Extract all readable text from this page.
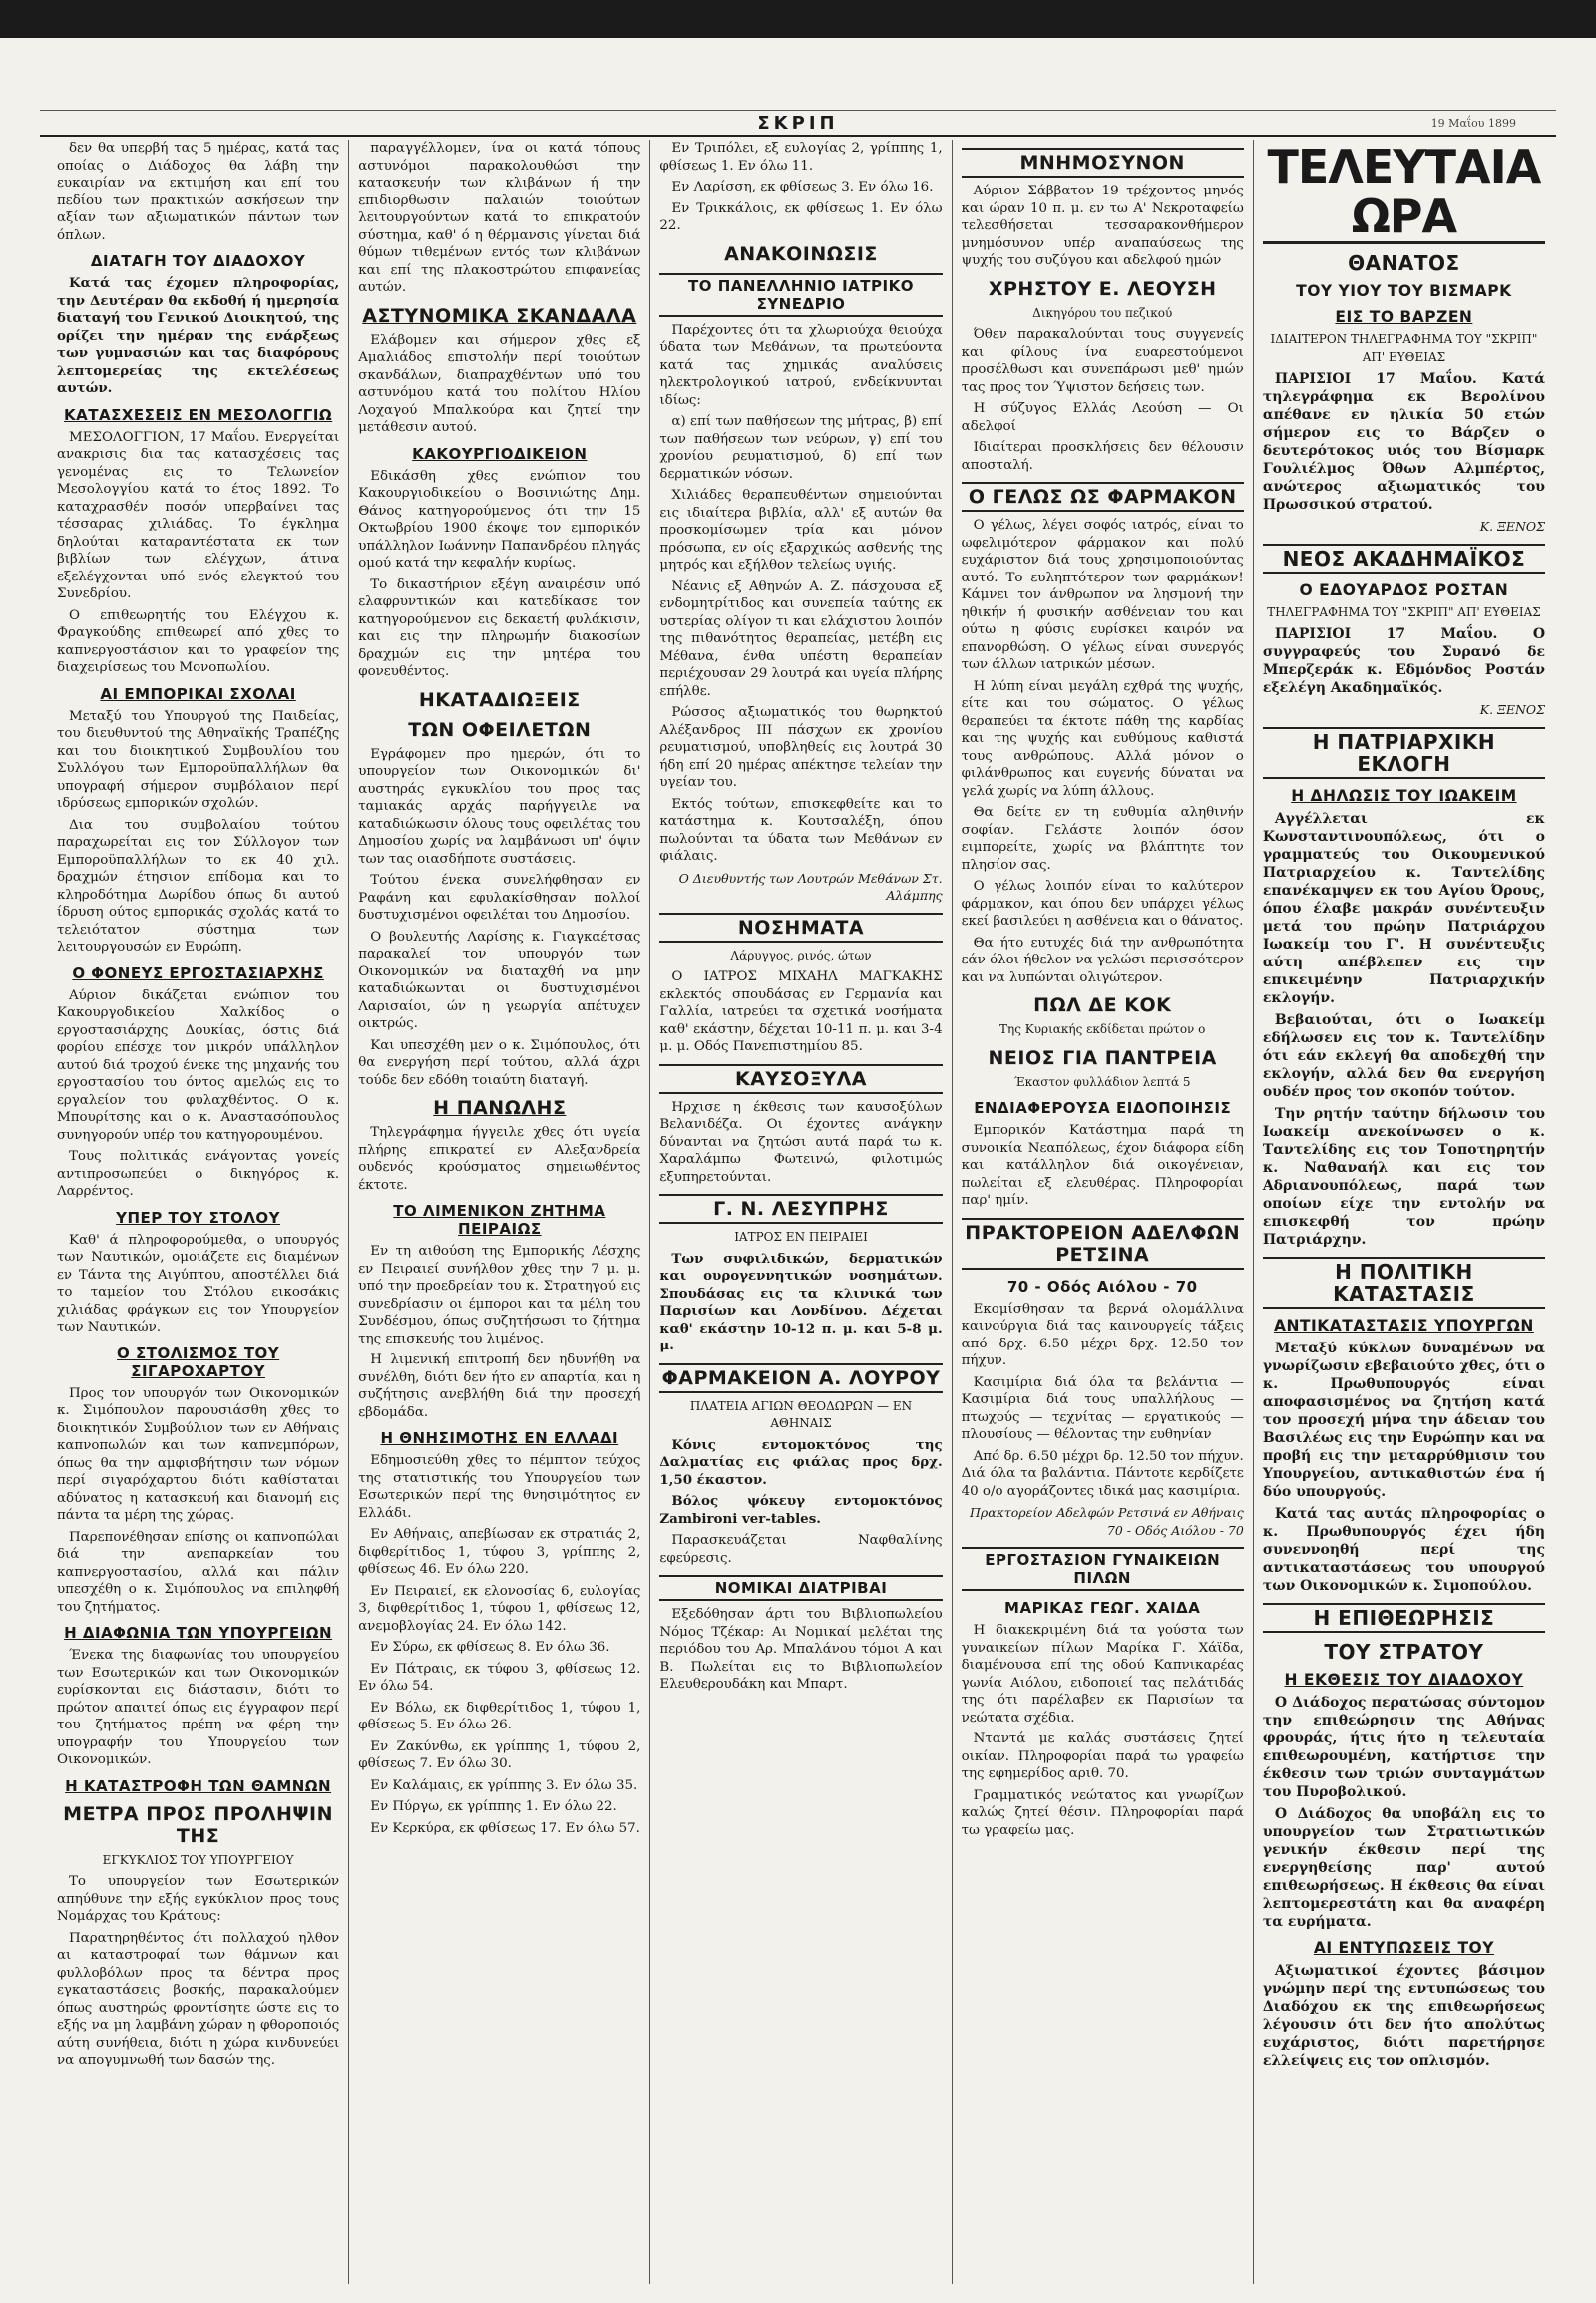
ΣΚΡΙΠ	19 Μαΐου 1899

δεν θα υπερβή τας 5 ημέρας, κατά τας οποίας ο Διάδοχος θα λάβη την ευκαιρίαν να εκτιμήση και επί του πεδίου των πρακτικών ασκήσεων την αξίαν των αξιωματικών πάντων των όπλων.

ΔΙΑΤΑΓΗ ΤΟΥ ΔΙΑΔΟΧΟΥ

Κατά τας έχομεν πληροφορίας, την Δευτέραν θα εκδοθή ή ημερησία διαταγή του Γενικού Διοικητού, της ορίζει την ημέραν της ενάρξεως των γυμνασιών και τας διαφόρους λεπτομερείας της εκτελέσεως αυτών.

ΚΑΤΑΣΧΕΣΕΙΣ ΕΝ ΜΕΣΟΛΟΓΓΙΩ

ΜΕΣΟΛΟΓΓΙΟΝ, 17 Μαΐου. Ενεργείται ανακρισις δια τας κατασχέσεις τας γενομένας εις το Τελωνείον Μεσολογγίου κατά το έτος 1892. Το καταχρασθέν ποσόν υπερβαίνει τας τέσσαρας χιλιάδας. Το έγκλημα δηλούται καταραντέστατα εκ των βιβλίων των ελέγχων, άτινα εξελέγχονται υπό ενός ελεγκτού του Συνεδρίου.

Ο επιθεωρητής του Ελέγχου κ. Φραγκούδης επιθεωρεί από χθες το καπνεργοστάσιον και το γραφείον της διαχειρίσεως του Μονοπωλίου.

ΑΙ ΕΜΠΟΡΙΚΑΙ ΣΧΟΛΑΙ

Μεταξύ του Υπουργού της Παιδείας, του διευθυντού της Αθηναϊκής Τραπέζης και του διοικητικού Συμβουλίου του Συλλόγου των Εμποροϋπαλλήλων θα υπογραφή σήμερον συμβόλαιον περί ιδρύσεως εμπορικών σχολών.

Δια του συμβολαίου τούτου παραχωρείται εις τον Σύλλογον των Εμποροϋπαλλήλων το εκ 40 χιλ. δραχμών έτησιον επίδομα και το κληροδότημα Δωρίδου όπως δι αυτού ίδρυση ούτος εμπορικάς σχολάς κατά το τελειότατον σύστημα των λειτουργουσών εν Ευρώπη.

Ο ΦΟΝΕΥΣ ΕΡΓΟΣΤΑΣΙΑΡΧΗΣ

Αύριον δικάζεται ενώπιον του Κακουργοδικείου Χαλκίδος ο εργοστασιάρχης Δουκίας, όστις διά φορίου επέσχε τον μικρόν υπάλληλον αυτού διά τροχού ένεκε της μηχανής του εργοστασίου του όντος αμελώς εις το εργαλείον του φυλαχθέντος. Ο κ. Μπουρίτσης και ο κ. Αναστασόπουλος συνηγορούν υπέρ του κατηγορουμένου.

Τους πολιτικάς ενάγοντας γονείς αντιπροσωπεύει ο δικηγόρος κ. Λαρρέντος.

ΥΠΕΡ ΤΟΥ ΣΤΟΛΟΥ

Καθ' ά πληροφορούμεθα, ο υπουργός των Ναυτικών, ομοιάζετε εις διαμένων εν Τάντα της Αιγύπτου, αποστέλλει διά το ταμείον του Στόλου εικοσάκις χιλιάδας φράγκων εις τον Υπουργείον των Ναυτικών.

Ο ΣΤΟΛΙΣΜΟΣ ΤΟΥ ΣΙΓΑΡΟΧΑΡΤΟΥ

Προς τον υπουργόν των Οικονομικών κ. Σιμόπουλον παρουσιάσθη χθες το διοικητικόν Συμβούλιον των εν Αθήναις καπνοπωλών και των καπνεμπόρων, όπως θα την αμφισβήτησιν των νόμων περί σιγαρόχαρτου διότι καθίσταται αδύνατος η κατασκευή και διανομή εις πάντα τα μέρη της χώρας.

Παρεπονέθησαν επίσης οι καπνοπώλαι διά την ανεπαρκείαν του καπνεργοστασίου, αλλά και πάλιν υπεσχέθη ο κ. Σιμόπουλος να επιληφθή του ζητήματος.

Η ΔΙΑΦΩΝΙΑ ΤΩΝ ΥΠΟΥΡΓΕΙΩΝ

Ένεκα της διαφωνίας του υπουργείου των Εσωτερικών και των Οικονομικών ευρίσκονται εις διάστασιν, διότι το πρώτον απαιτεί όπως εις έγγραφον περί του ζητήματος πρέπη να φέρη την υπογραφήν του Υπουργείου των Οικονομικών.

Η ΚΑΤΑΣΤΡΟΦΗ ΤΩΝ ΘΑΜΝΩΝ
ΜΕΤΡΑ ΠΡΟΣ ΠΡΟΛΗΨΙΝ ΤΗΣ
ΕΓΚΥΚΛΙΟΣ ΤΟΥ ΥΠΟΥΡΓΕΙΟΥ

Το υπουργείον των Εσωτερικών απηύθυνε την εξής εγκύκλιον προς τους Νομάρχας του Κράτους:

Παρατηρηθέντος ότι πολλαχού ηλθον αι καταστροφαί των θάμνων και φυλλοβόλων προς τα δέντρα προς εγκαταστάσεις βοσκής, παρακαλούμεν όπως αυστηρώς φροντίσητε ώστε εις το εξής να μη λαμβάνη χώραν η φθοροποιός αύτη συνήθεια, διότι η χώρα κινδυνεύει να απογυμνωθή των δασών της.

παραγγέλλομεν, ίνα οι κατά τόπους αστυνόμοι παρακολουθώσι την κατασκευήν των κλιβάνων ή την επιδιορθωσιν παλαιών τοιούτων λειτουργούντων κατά το επικρατούν σύστημα, καθ' ό η θέρμανσις γίνεται διά θύμων τιθεμένων εντός των κλιβάνων και επί της πλακοστρώτου επιφανείας αυτών.

ΑΣΤΥΝΟΜΙΚΑ ΣΚΑΝΔΑΛΑ

Ελάβομεν και σήμερον χθες εξ Αμαλιάδος επιστολήν περί τοιούτων σκανδάλων, διαπραχθέντων υπό του αστυνόμου κατά του πολίτου Ηλίου Λοχαγού Μπαλκούρα και ζητεί την μετάθεσιν αυτού.

ΚΑΚΟΥΡΓΙΟΔΙΚΕΙΟΝ

Εδικάσθη χθες ενώπιον του Κακουργιοδικείου ο Βοσινιώτης Δημ. Θάνος κατηγορούμενος ότι την 15 Οκτωβρίου 1900 έκοψε τον εμπορικόν υπάλληλον Ιωάννην Παπανδρέου πληγάς ομού κατά την κεφαλήν κυρίως.

Το δικαστήριον εξέγη αναιρέσιν υπό ελαφρυντικών και κατεδίκασε τον κατηγορούμενον εις δεκαετή φυλάκισιν, και εις την πληρωμήν διακοσίων δραχμών εις την μητέρα του φονευθέντος.

ΗΚΑΤΑΔΙΩΞΕΙΣ
ΤΩΝ ΟΦΕΙΛΕΤΩΝ

Εγράφομεν προ ημερών, ότι το υπουργείον των Οικονομικών δι' αυστηράς εγκυκλίου του προς τας ταμιακάς αρχάς παρήγγειλε να καταδιώκωσιν όλους τους οφειλέτας του Δημοσίου χωρίς να λαμβάνωσι υπ' όψιν των τας οιασδήποτε συστάσεις.

Τούτου ένεκα συνελήφθησαν εν Ραφάνη και εφυλακίσθησαν πολλοί δυστυχισμένοι οφειλέται του Δημοσίου.

Ο βουλευτής Λαρίσης κ. Γιαγκαέτσας παρακαλεί τον υπουργόν των Οικονομικών να διαταχθή να μην καταδιώκωνται οι δυστυχισμένοι Λαρισαίοι, ών η γεωργία απέτυχεν οικτρώς.

Και υπεσχέθη μεν ο κ. Σιμόπουλος, ότι θα ενεργήση περί τούτου, αλλά άχρι τούδε δεν εδόθη τοιαύτη διαταγή.

Η ΠΑΝΩΛΗΣ

Τηλεγράφημα ήγγειλε χθες ότι υγεία πλήρης επικρατεί εν Αλεξανδρεία ουδενός κρούσματος σημειωθέντος έκτοτε.

ΤΟ ΛΙΜΕΝΙΚΟΝ ΖΗΤΗΜΑ ΠΕΙΡΑΙΩΣ

Εν τη αιθούση της Εμπορικής Λέσχης εν Πειραιεί συνήλθον χθες την 7 μ. μ. υπό την προεδρείαν του κ. Στρατηγού εις συνεδρίασιν οι έμποροι και τα μέλη του Συνδέσμου, όπως συζητήσωσι το ζήτημα της επισκευής του λιμένος.

Η λιμενική επιτροπή δεν ηδυνήθη να συνέλθη, διότι δεν ήτο εν απαρτία, και η συζήτησις ανεβλήθη διά την προσεχή εβδομάδα.

Η ΘΝΗΣΙΜΟΤΗΣ ΕΝ ΕΛΛΑΔΙ

Εδημοσιεύθη χθες το πέμπτον τεύχος της στατιστικής του Υπουργείου των Εσωτερικών περί της θνησιμότητος εν Ελλάδι.

Εν Αθήναις, απεβίωσαν εκ στρατιάς 2, διφθερίτιδος 1, τύφου 3, γρίππης 2, φθίσεως 46. Εν όλω 220.

Εν Πειραιεί, εκ ελονοσίας 6, ευλογίας 3, διφθερίτιδος 1, τύφου 1, φθίσεως 12, ανεμοβλογίας 24. Εν όλω 142.

Εν Σύρω, εκ φθίσεως 8. Εν όλω 36.

Εν Πάτραις, εκ τύφου 3, φθίσεως 12. Εν όλω 54.

Εν Βόλω, εκ διφθερίτιδος 1, τύφου 1, φθίσεως 5. Εν όλω 26.

Εν Ζακύνθω, εκ γρίππης 1, τύφου 2, φθίσεως 7. Εν όλω 30.

Εν Καλάμαις, εκ γρίππης 3. Εν όλω 35.

Εν Πύργω, εκ γρίππης 1. Εν όλω 22.

Εν Κερκύρα, εκ φθίσεως 17. Εν όλω 57.

Εν Τριπόλει, εξ ευλογίας 2, γρίππης 1, φθίσεως 1. Εν όλω 11.

Εν Λαρίσση, εκ φθίσεως 3. Εν όλω 16.

Εν Τρικκάλοις, εκ φθίσεως 1. Εν όλω 22.

ΑΝΑΚΟΙΝΩΣΙΣ
ΤΟ ΠΑΝΕΛΛΗΝΙΟ ΙΑΤΡΙΚΟ ΣΥΝΕΔΡΙΟ

Παρέχοντες ότι τα χλωριούχα θειούχα ύδατα των Μεθάνων, τα πρωτεύοντα κατά τας χημικάς αναλύσεις ηλεκτρολογικού ιατρού, ενδείκνυνται ιδίως:

α) επί των παθήσεων της μήτρας, β) επί των παθήσεων των νεύρων, γ) επί του χρονίου ρευματισμού, δ) επί των δερματικών νόσων.

Χιλιάδες θεραπευθέντων σημειούνται εις ιδιαίτερα βιβλία, αλλ' εξ αυτών θα προσκομίσωμεν τρία και μόνον πρόσωπα, εν οίς εξαρχικώς ασθενής της μητρός και εξήλθον τελείως υγιής.

Νέανις εξ Αθηνών Α. Ζ. πάσχουσα εξ ενδομητρίτιδος και συνεπεία ταύτης εκ υστερίας ολίγον τι και ελάχιστου λοιπόν της πιθανότητος θεραπείας, μετέβη εις Μέθανα, ένθα υπέστη θεραπείαν περιέχουσαν 29 λουτρά και υγεία πλήρης επήλθε.

Ρώσσος αξιωματικός του θωρηκτού Αλέξανδρος ΙΙΙ πάσχων εκ χρονίου ρευματισμού, υποβληθείς εις λουτρά 30 ήδη επί 20 ημέρας απέκτησε τελείαν την υγείαν του.

Εκτός τούτων, επισκεφθείτε και το κατάστημα κ. Κουτσαλέξη, όπου πωλούνται τα ύδατα των Μεθάνων εν φιάλαις.

Ο Διευθυντής των Λουτρών Μεθάνων Στ. Αλάμπης
ΝΟΣΗΜΑΤΑ
Λάρυγγος, ρινός, ώτων

Ο ΙΑΤΡΟΣ ΜΙΧΑΗΛ ΜΑΓΚΑΚΗΣ εκλεκτός σπουδάσας εν Γερμανία και Γαλλία, ιατρεύει τα σχετικά νοσήματα καθ' εκάστην, δέχεται 10-11 π. μ. και 3-4 μ. μ. Οδός Πανεπιστημίου 85.

ΚΑΥΣΟΞΥΛΑ

Ηρχισε η έκθεσις των καυσοξύλων Βελανιδέζα. Οι έχοντες ανάγκην δύνανται να ζητώσι αυτά παρά τω κ. Χαραλάμπω Φωτεινώ, φιλοτιμώς εξυπηρετούνται.

Γ. Ν. ΛΕΣΥΠΡΗΣ
ΙΑΤΡΟΣ ΕΝ ΠΕΙΡΑΙΕΙ

Των συφιλιδικών, δερματικών και ουρογεννητικών νοσημάτων. Σπουδάσας εις τα κλινικά των Παρισίων και Λονδίνου. Δέχεται καθ' εκάστην 10-12 π. μ. και 5-8 μ. μ.

ΦΑΡΜΑΚΕΙΟΝ Α. ΛΟΥΡΟΥ
ΠΛΑΤΕΙΑ ΑΓΙΩΝ ΘΕΟΔΩΡΩΝ — ΕΝ ΑΘΗΝΑΙΣ

Κόνις εντομοκτόνος της Δαλματίας εις φιάλας προς δρχ. 1,50 έκαστον.

Βόλος ψόκευγ εντομοκτόνος Zambironi ver-tables.

Παρασκευάζεται Ναφθαλίνης εφεύρεσις.

ΝΟΜΙΚΑΙ ΔΙΑΤΡΙΒΑΙ

Εξεδόθησαν άρτι του Βιβλιοπωλείου Νόμος Τζέκαρ: Αι Νομικαί μελέται της περιόδου του Αρ. Μπαλάνου τόμοι Α και Β. Πωλείται εις το Βιβλιοπωλείον Ελευθερουδάκη και Μπαρτ.

ΜΝΗΜΟΣΥΝΟΝ

Αύριον Σάββατον 19 τρέχοντος μηνός και ώραν 10 π. μ. εν τω Α' Νεκροταφείω τελεσθήσεται τεσσαρακονθήμερον μνημόσυνον υπέρ αναπαύσεως της ψυχής του συζύγου και αδελφού ημών

ΧΡΗΣΤΟΥ Ε. ΛΕΟΥΣΗ
Δικηγόρου του πεζικού

Όθεν παρακαλούνται τους συγγενείς και φίλους ίνα ευαρεστούμενοι προσέλθωσι και συνεπάρωσι μεθ' ημών τας προς τον Ύψιστον δεήσεις των.

Η σύζυγος Ελλάς Λεούση — Οι αδελφοί

Ιδιαίτεραι προσκλήσεις δεν θέλουσιν αποσταλή.

Ο ΓΕΛΩΣ ΩΣ ΦΑΡΜΑΚΟΝ

Ο γέλως, λέγει σοφός ιατρός, είναι το ωφελιμότερον φάρμακον και πολύ ευχάριστον διά τους χρησιμοποιούντας αυτό. Το ευληπτότερον των φαρμάκων! Κάμνει τον άνθρωπον να λησμονή την ηθικήν ή φυσικήν ασθένειαν του και ούτω η φύσις ευρίσκει καιρόν να επανορθώση. Ο γέλως είναι συνεργός των άλλων ιατρικών μέσων.

Η λύπη είναι μεγάλη εχθρά της ψυχής, είτε και του σώματος. Ο γέλως θεραπεύει τα έκτοτε πάθη της καρδίας και της ψυχής και ευθύμους καθιστά τους ανθρώπους. Αλλά μόνον ο φιλάνθρωπος και ευγενής δύναται να γελά χωρίς να λύπη άλλους.

Θα δείτε εν τη ευθυμία αληθινήν σοφίαν. Γελάστε λοιπόν όσον ειμπορείτε, χωρίς να βλάπτητε τον πλησίον σας.

Ο γέλως λοιπόν είναι το καλύτερον φάρμακον, και όπου δεν υπάρχει γέλως εκεί βασιλεύει η ασθένεια και ο θάνατος.

Θα ήτο ευτυχές διά την ανθρωπότητα εάν όλοι ήθελον να γελώσι περισσότερον και να λυπώνται ολιγώτερον.

ΠΩΛ ΔΕ ΚΟΚ
Της Κυριακής εκδίδεται πρώτον ο
ΝΕΙΟΣ ΓΙΑ ΠΑΝΤΡΕΙΑ
Έκαστον φυλλάδιον λεπτά 5
ΕΝΔΙΑΦΕΡΟΥΣΑ ΕΙΔΟΠΟΙΗΣΙΣ

Εμπορικόν Κατάστημα παρά τη συνοικία Νεαπόλεως, έχον διάφορα είδη και κατάλληλον διά οικογένειαν, πωλείται εξ ελευθέρας. Πληροφορίαι παρ' ημίν.

ΠΡΑΚΤΟΡΕΙΟΝ ΑΔΕΛΦΩΝ ΡΕΤΣΙΝΑ
70 - Οδός Αιόλου - 70

Εκομίσθησαν τα βερνά ολομάλλινα καινούργια διά τας καινουργείς τάξεις από δρχ. 6.50 μέχρι δρχ. 12.50 τον πήχυν.

Κασιμίρια διά όλα τα βελάντια — Κασιμίρια διά τους υπαλλήλους — πτωχούς — τεχνίτας — εργατικούς — πλουσίους — θέλοντας την ευθηνίαν

Από δρ. 6.50 μέχρι δρ. 12.50 τον πήχυν. Διά όλα τα βαλάντια. Πάντοτε κερδίζετε 40 ο/ο αγοράζοντες ιδικά μας κασιμίρια.

Πρακτορείον Αδελφών Ρετσινά εν Αθήναις 70 - Οδός Αιόλου - 70
ΕΡΓΟΣΤΑΣΙΟΝ ΓΥΝΑΙΚΕΙΩΝ ΠΙΛΩΝ
ΜΑΡΙΚΑΣ ΓΕΩΓ. ΧΑΙΔΑ

Η διακεκριμένη διά τα γούστα των γυναικείων πίλων Μαρίκα Γ. Χάϊδα, διαμένουσα επί της οδού Καπνικαρέας γωνία Αιόλου, ειδοποιεί τας πελάτιδάς της ότι παρέλαβεν εκ Παρισίων τα νεώτατα σχέδια.

Νταντά με καλάς συστάσεις ζητεί οικίαν. Πληροφορίαι παρά τω γραφείω της εφημερίδος αριθ. 70.

Γραμματικός νεώτατος και γνωρίζων καλώς ζητεί θέσιν. Πληροφορίαι παρά τω γραφείω μας.

ΤΕΛΕΥΤΑΙΑ ΩΡΑ
ΘΑΝΑΤΟΣ
ΤΟΥ ΥΙΟΥ ΤΟΥ ΒΙΣΜΑΡΚ
ΕΙΣ ΤΟ ΒΑΡΖΕΝ
ΙΔΙΑΙΤΕΡΟΝ ΤΗΛΕΓΡΑΦΗΜΑ ΤΟΥ "ΣΚΡΙΠ" ΑΠ' ΕΥΘΕΙΑΣ

ΠΑΡΙΣΙΟΙ 17 Μαΐου. Κατά τηλεγράφημα εκ Βερολίνου απέθανε εν ηλικία 50 ετών σήμερον εις το Βάρζεν ο δευτερότοκος υιός του Βίσμαρκ Γουλιέλμος Όθων Αλμπέρτος, ανώτερος αξιωματικός του Πρωσσικού στρατού.

Κ. ΞΕΝΟΣ
ΝΕΟΣ ΑΚΑΔΗΜΑΪΚΟΣ
Ο ΕΔΟΥΑΡΔΟΣ ΡΟΣΤΑΝ
ΤΗΛΕΓΡΑΦΗΜΑ ΤΟΥ "ΣΚΡΙΠ" ΑΠ' ΕΥΘΕΙΑΣ

ΠΑΡΙΣΙΟΙ 17 Μαΐου. Ο συγγραφεύς του Συρανό δε Μπερζεράκ κ. Εδμόνδος Ροστάν εξελέγη Ακαδημαϊκός.

Κ. ΞΕΝΟΣ
Η ΠΑΤΡΙΑΡΧΙΚΗ ΕΚΛΟΓΗ
Η ΔΗΛΩΣΙΣ ΤΟΥ ΙΩΑΚΕΙΜ

Αγγέλλεται εκ Κωνσταντινουπόλεως, ότι ο γραμματεύς του Οικουμενικού Πατριαρχείου κ. Ταντελίδης επανέκαμψεν εκ του Αγίου Όρους, όπου έλαβε μακράν συνέντευξιν μετά του πρώην Πατριάρχου Ιωακείμ του Γ'. Η συνέντευξις αύτη απέβλεπεν εις την επικειμένην Πατριαρχικήν εκλογήν.

Βεβαιούται, ότι ο Ιωακείμ εδήλωσεν εις τον κ. Ταντελίδην ότι εάν εκλεγή θα αποδεχθή την εκλογήν, αλλά δεν θα ενεργήση ουδέν προς τον σκοπόν τούτον.

Την ρητήν ταύτην δήλωσιν του Ιωακείμ ανεκοίνωσεν ο κ. Ταντελίδης εις τον Τοποτηρητήν κ. Ναθαναήλ και εις τον Αδριανουπόλεως, παρά των οποίων είχε την εντολήν να επισκεφθή τον πρώην Πατριάρχην.

Η ΠΟΛΙΤΙΚΗ ΚΑΤΑΣΤΑΣΙΣ
ΑΝΤΙΚΑΤΑΣΤΑΣΙΣ ΥΠΟΥΡΓΩΝ

Μεταξύ κύκλων δυναμένων να γνωρίζωσιν εβεβαιούτο χθες, ότι ο κ. Πρωθυπουργός είναι αποφασισμένος να ζητήση κατά τον προσεχή μήνα την άδειαν του Βασιλέως εις την Ευρώπην και να προβή εις την μεταρρύθμισιν του Υπουργείου, αντικαθιστών ένα ή δύο υπουργούς.

Κατά τας αυτάς πληροφορίας ο κ. Πρωθυπουργός έχει ήδη συνεννοηθή περί της αντικαταστάσεως του υπουργού των Οικονομικών κ. Σιμοπούλου.

Η ΕΠΙΘΕΩΡΗΣΙΣ
ΤΟΥ ΣΤΡΑΤΟΥ
Η ΕΚΘΕΣΙΣ ΤΟΥ ΔΙΑΔΟΧΟΥ

Ο Διάδοχος περατώσας σύντομον την επιθεώρησιν της Αθήνας φρουράς, ήτις ήτο η τελευταία επιθεωρουμένη, κατήρτισε την έκθεσιν των τριών συνταγμάτων του Πυροβολικού.

Ο Διάδοχος θα υποβάλη εις το υπουργείον των Στρατιωτικών γενικήν έκθεσιν περί της ενεργηθείσης παρ' αυτού επιθεωρήσεως. Η έκθεσις θα είναι λεπτομερεστάτη και θα αναφέρη τα ευρήματα.

ΑΙ ΕΝΤΥΠΩΣΕΙΣ ΤΟΥ

Αξιωματικοί έχοντες βάσιμον γνώμην περί της εντυπώσεως του Διαδόχου εκ της επιθεωρήσεως λέγουσιν ότι δεν ήτο απολύτως ευχάριστος, διότι παρετήρησε ελλείψεις εις τον οπλισμόν.
